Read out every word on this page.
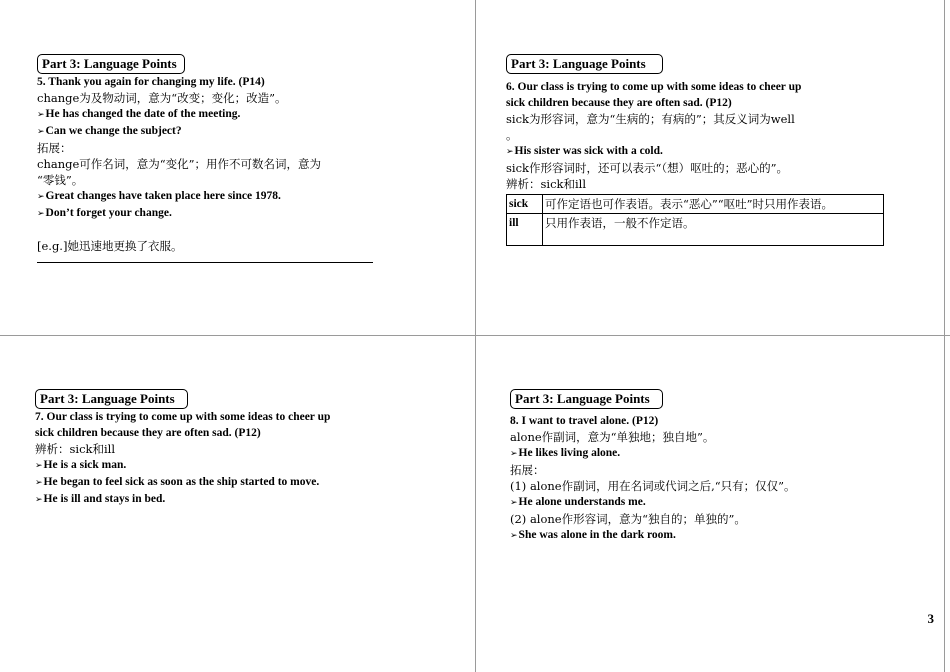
Part 3: Language Points
5. Thank you again for changing my life. (P14)
change为及物动词，意为“改变；变化；改造”。
➢He has changed the date of the meeting.
➢Can we change the subject?
拓展：
change可作名词，意为“变化”；用作不可数名词，意为
“零钱”。
➢Great changes have taken place here since 1978.
➢Don’t forget your change.

[e.g.]她迅速地更换了衣服。
Part 3: Language Points
6. Our class is trying to come up with some ideas to cheer up
sick children because they are often sad. (P12)
sick为形容词，意为“生病的；有病的”；其反义词为well
。
➢His sister was sick with a cold.
sick作形容词时，还可以表示“（想）呕吐的；恶心的”。
辨析：sick和ill
sick	可作定语也可作表语。表示“恶心”“呕吐”时只用作表语。
ill	只用作表语，一般不作定语。
Part 3: Language Points
7. Our class is trying to come up with some ideas to cheer up
sick children because they are often sad. (P12)
辨析：sick和ill
➢He is a sick man.
➢He began to feel sick as soon as the ship started to move.
➢He is ill and stays in bed.
Part 3: Language Points
8. I want to travel alone. (P12)
alone作副词，意为“单独地；独自地”。
➢He likes living alone.
拓展：
(1) alone作副词，用在名词或代词之后,“只有；仅仅”。
➢He alone understands me.
(2) alone作形容词，意为“独自的；单独的”。
➢She was alone in the dark room.
3
